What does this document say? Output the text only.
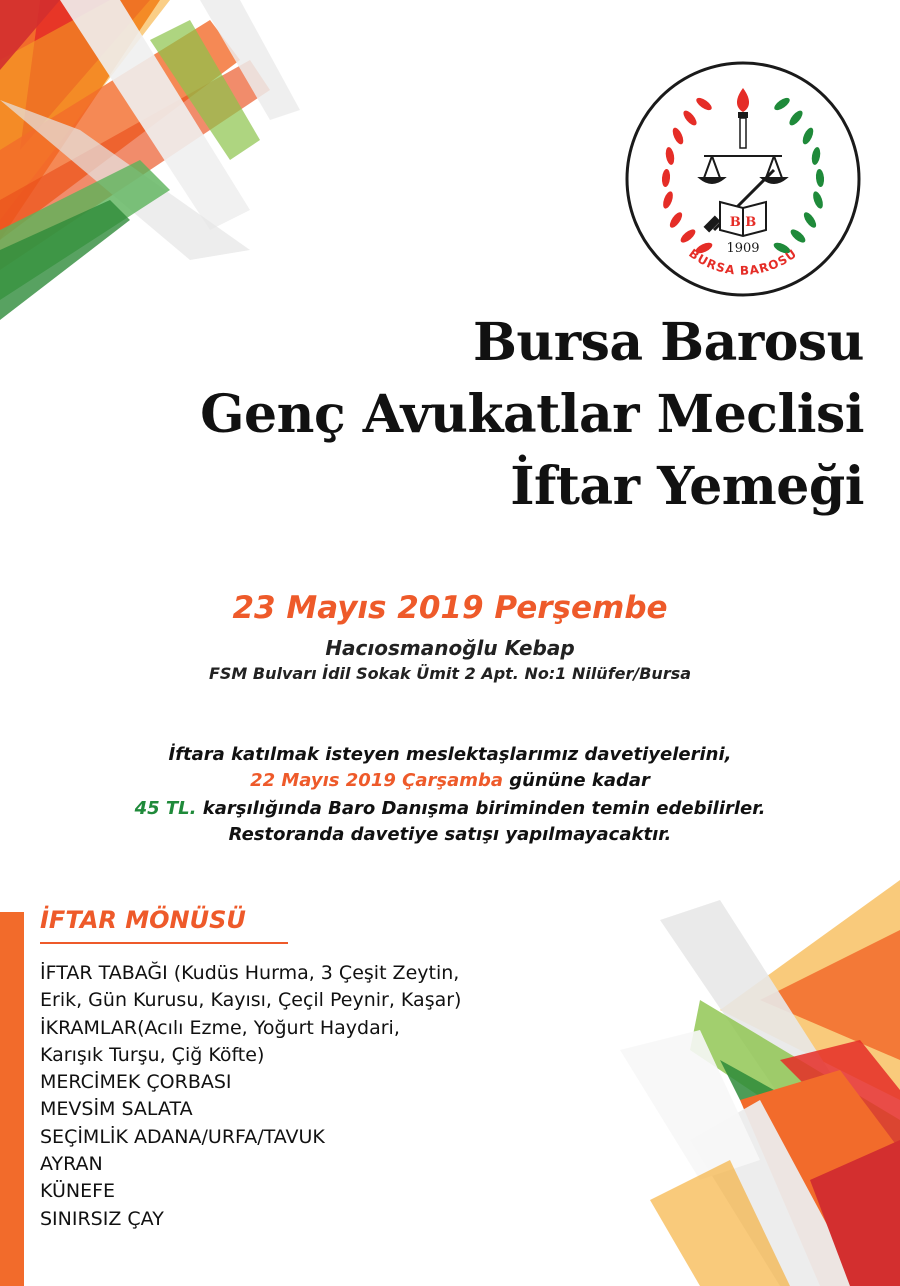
B B
1909
BURSA BAROSU
Bursa Barosu
Genç Avukatlar Meclisi
İftar Yemeği
23 Mayıs 2019 Perşembe
Hacıosmanoğlu Kebap
FSM Bulvarı İdil Sokak Ümit 2 Apt. No:1 Nilüfer/Bursa
İftara katılmak isteyen meslektaşlarımız davetiyelerini,
22 Mayıs 2019 Çarşamba gününe kadar
45 TL. karşılığında Baro Danışma biriminden temin edebilirler.
Restoranda davetiye satışı yapılmayacaktır.
İFTAR MÖNÜSÜ
İFTAR TABAĞI (Kudüs Hurma, 3 Çeşit Zeytin,
Erik, Gün Kurusu, Kayısı, Çeçil Peynir, Kaşar)
İKRAMLAR(Acılı Ezme, Yoğurt Haydari,
Karışık Turşu, Çiğ Köfte)
MERCİMEK ÇORBASI
MEVSİM SALATA
SEÇİMLİK ADANA/URFA/TAVUK
AYRAN
KÜNEFE
SINIRSIZ ÇAY
